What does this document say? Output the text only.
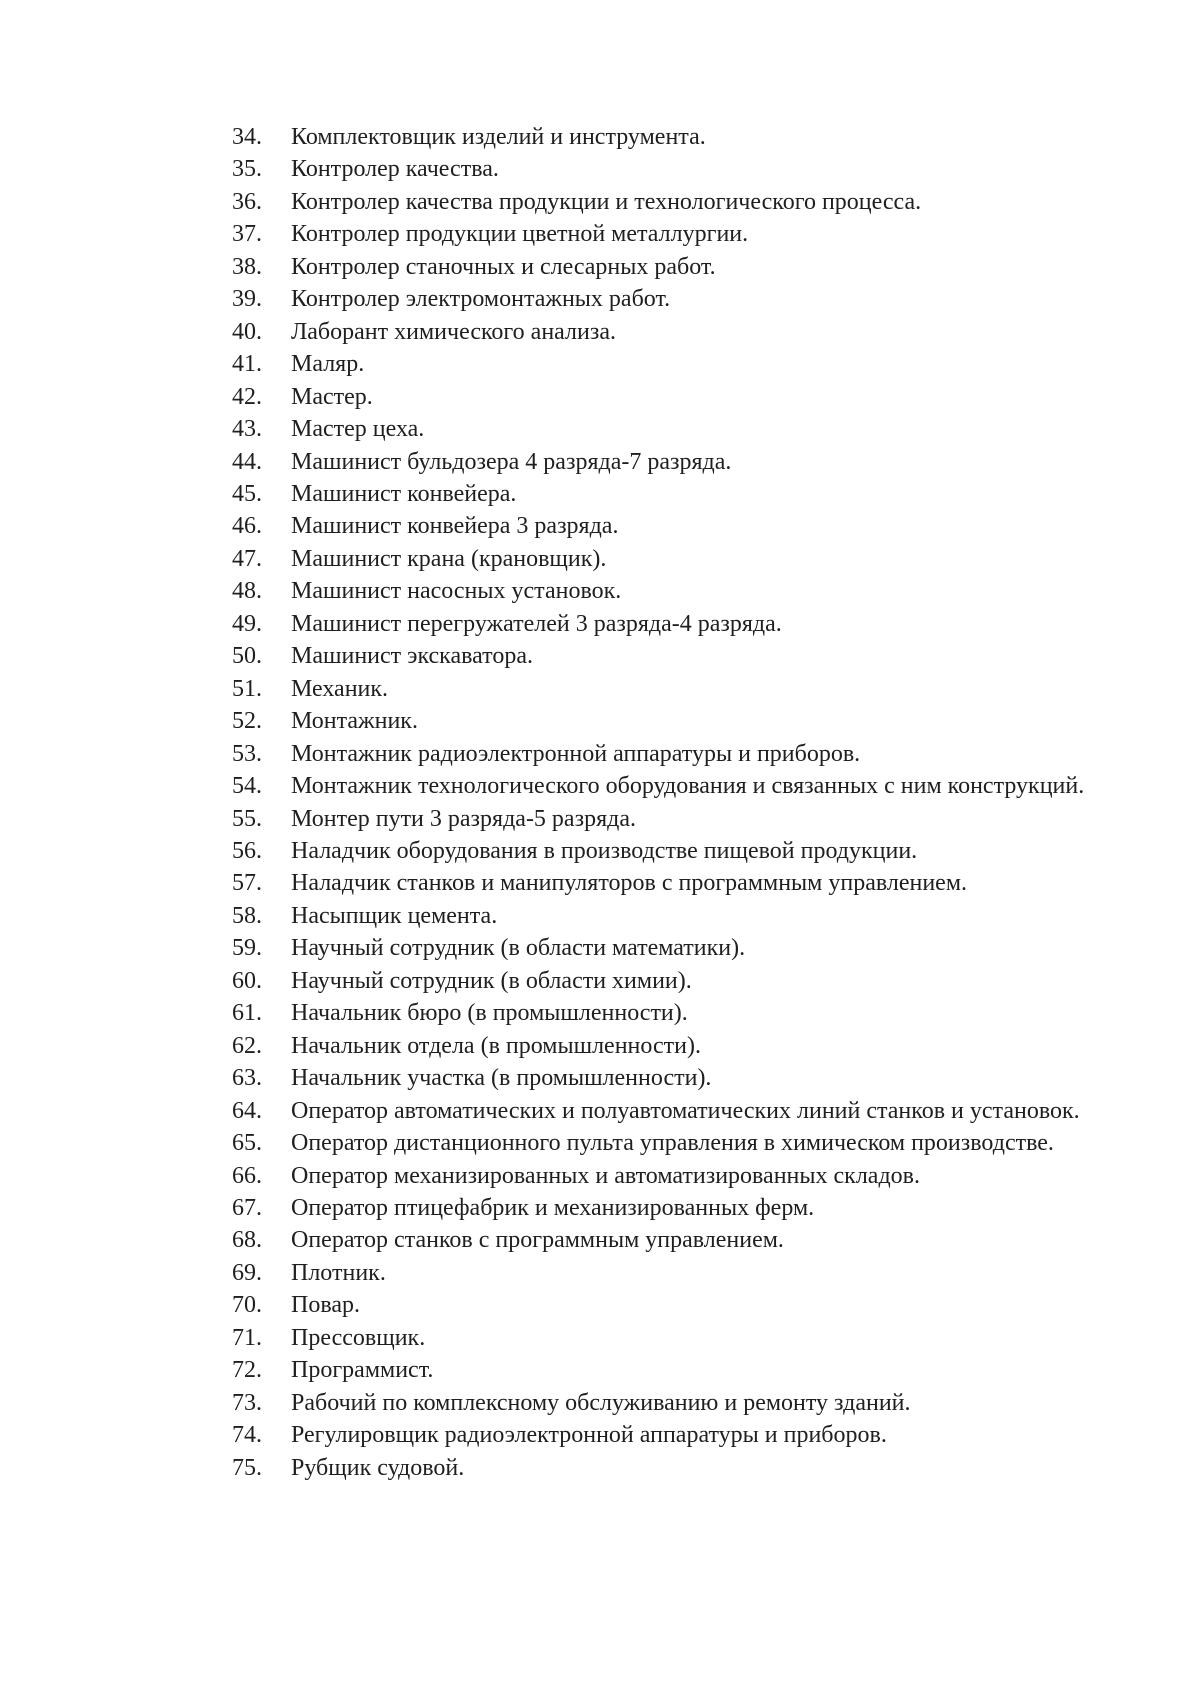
34.	Комплектовщик изделий и инструмента.
35.	Контролер качества.
36.	Контролер качества продукции и технологического процесса.
37.	Контролер продукции цветной металлургии.
38.	Контролер станочных и слесарных работ.
39.	Контролер электромонтажных работ.
40.	Лаборант химического анализа.
41.	Маляр.
42.	Мастер.
43.	Мастер цеха.
44.	Машинист бульдозера 4 разряда-7 разряда.
45.	Машинист конвейера.
46.	Машинист конвейера 3 разряда.
47.	Машинист крана (крановщик).
48.	Машинист насосных установок.
49.	Машинист перегружателей 3 разряда-4 разряда.
50.	Машинист экскаватора.
51.	Механик.
52.	Монтажник.
53.	Монтажник радиоэлектронной аппаратуры и приборов.
54.	Монтажник технологического оборудования и связанных с ним конструкций.
55.	Монтер пути 3 разряда-5 разряда.
56.	Наладчик оборудования в производстве пищевой продукции.
57.	Наладчик станков и манипуляторов с программным управлением.
58.	Насыпщик цемента.
59.	Научный сотрудник (в области математики).
60.	Научный сотрудник (в области химии).
61.	Начальник бюро (в промышленности).
62.	Начальник отдела (в промышленности).
63.	Начальник участка (в промышленности).
64.	Оператор автоматических и полуавтоматических линий станков и установок.
65.	Оператор дистанционного пульта управления в химическом производстве.
66.	Оператор механизированных и автоматизированных складов.
67.	Оператор птицефабрик и механизированных ферм.
68.	Оператор станков с программным управлением.
69.	Плотник.
70.	Повар.
71.	Прессовщик.
72.	Программист.
73.	Рабочий по комплексному обслуживанию и ремонту зданий.
74.	Регулировщик радиоэлектронной аппаратуры и приборов.
75.	Рубщик судовой.
